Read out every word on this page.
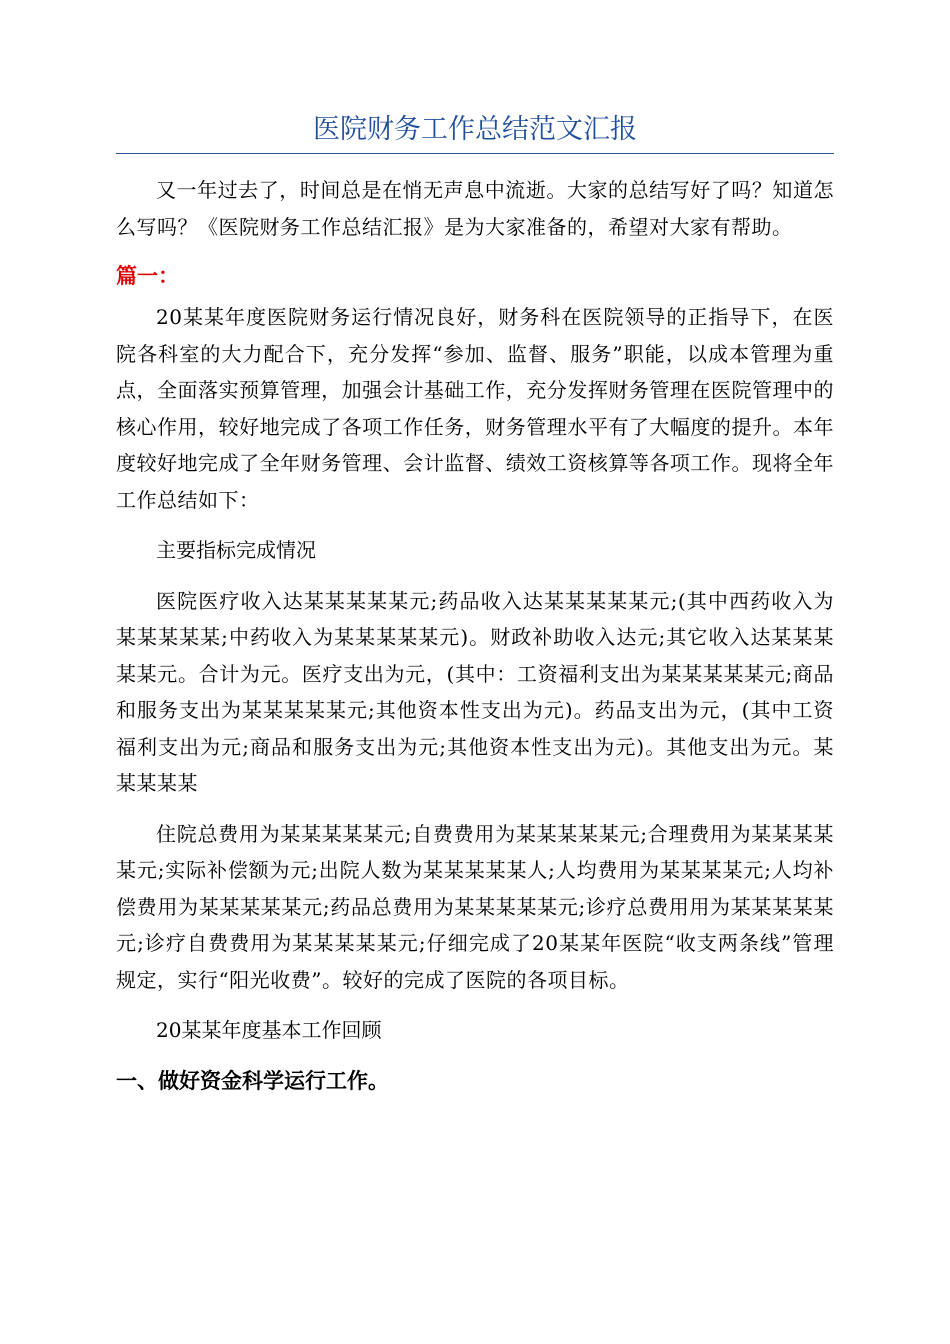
医院财务工作总结范文汇报

又一年过去了，时间总是在悄无声息中流逝。大家的总结写好了吗？知道怎么写吗？《医院财务工作总结汇报》是为大家准备的，希望对大家有帮助。

篇一：

20某某年度医院财务运行情况良好，财务科在医院领导的正指导下，在医院各科室的大力配合下，充分发挥“参加、监督、服务”职能，以成本管理为重点，全面落实预算管理，加强会计基础工作，充分发挥财务管理在医院管理中的核心作用，较好地完成了各项工作任务，财务管理水平有了大幅度的提升。本年度较好地完成了全年财务管理、会计监督、绩效工资核算等各项工作。现将全年工作总结如下：

主要指标完成情况

医院医疗收入达某某某某某元;药品收入达某某某某某元;(其中西药收入为某某某某某;中药收入为某某某某某元)。财政补助收入达元;其它收入达某某某某某元。合计为元。医疗支出为元，(其中：工资福利支出为某某某某某元;商品和服务支出为某某某某某元;其他资本性支出为元)。药品支出为元，(其中工资福利支出为元;商品和服务支出为元;其他资本性支出为元)。其他支出为元。某某某某某

住院总费用为某某某某某元;自费费用为某某某某某元;合理费用为某某某某某元;实际补偿额为元;出院人数为某某某某某人;人均费用为某某某某元;人均补偿费用为某某某某某元;药品总费用为某某某某某元;诊疗总费用用为某某某某某元;诊疗自费费用为某某某某某元;仔细完成了20某某年医院“收支两条线”管理规定，实行“阳光收费”。较好的完成了医院的各项目标。

20某某年度基本工作回顾

一、做好资金科学运行工作。
